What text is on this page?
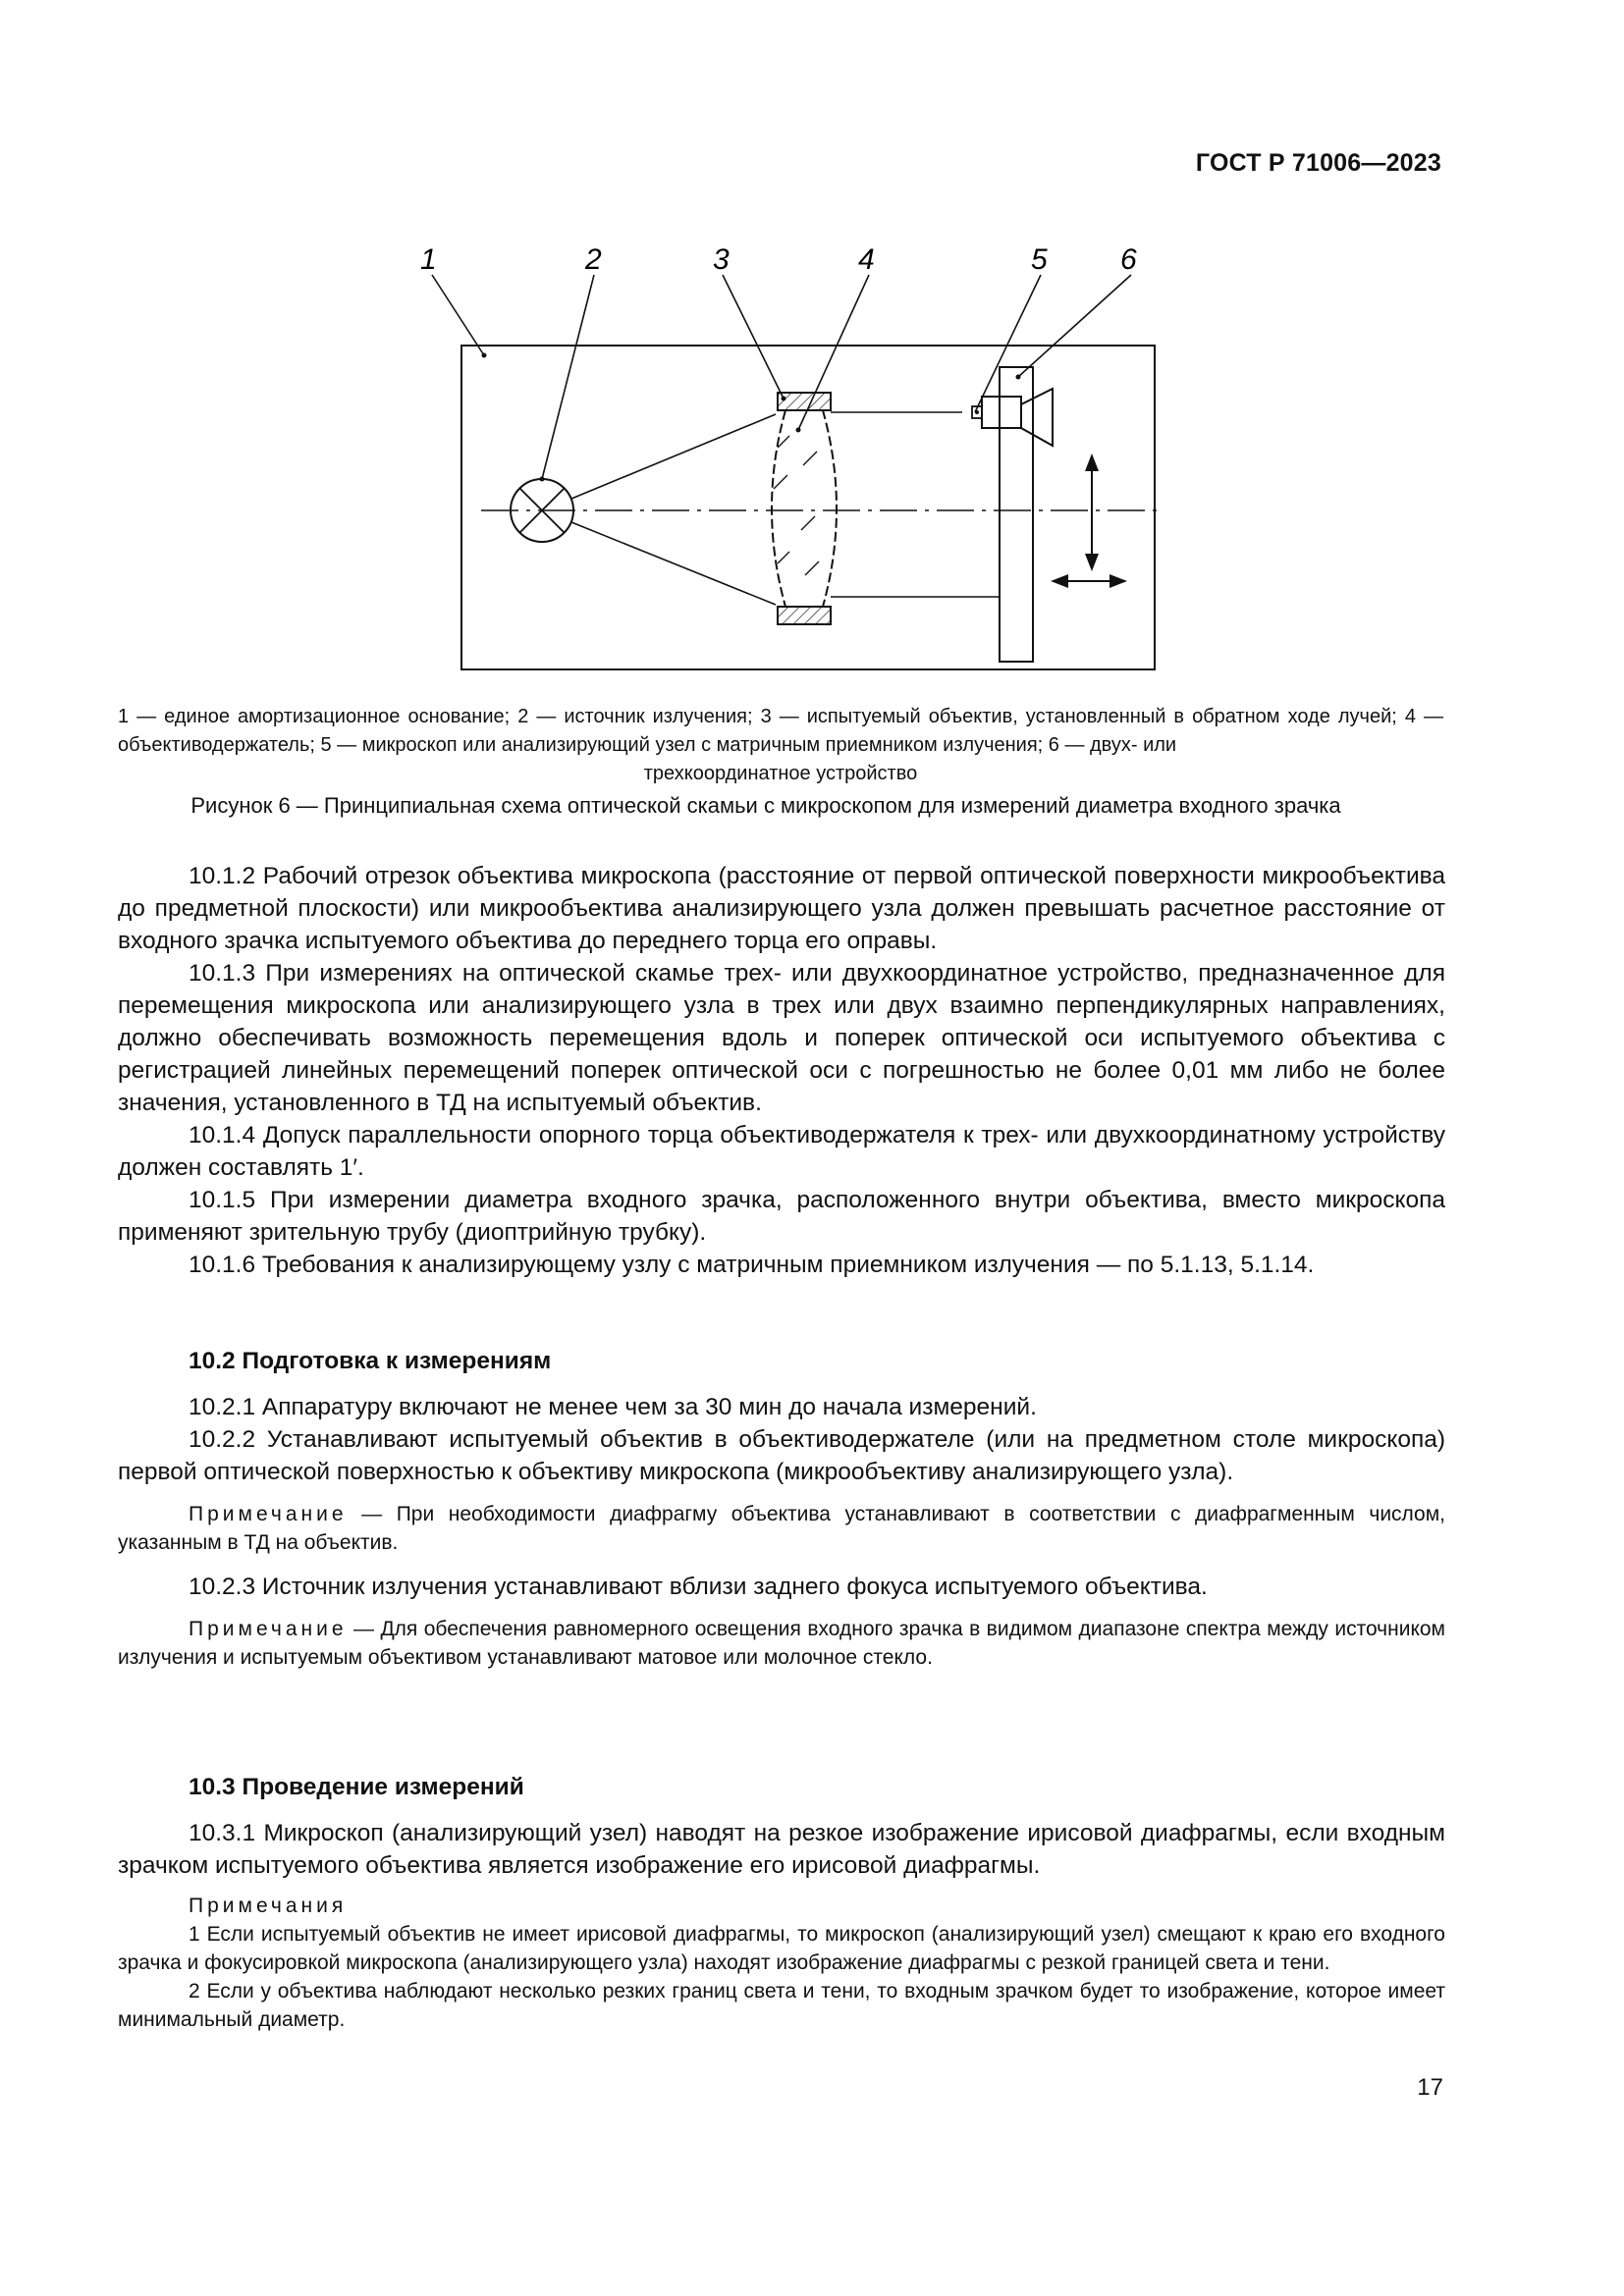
ГОСТ Р 71006—2023
1	2	3	4	5 6
1 — единое амортизационное основание; 2 — источник излучения; 3 — испытуемый объектив, установленный в обратном ходе лучей; 4 — объективодержатель; 5 — микроскоп или анализирующий узел с матричным приемником излучения; 6 — двух- или
трехкоординатное устройство
Рисунок 6 — Принципиальная схема оптической скамьи с микроскопом для измерений диаметра входного зрачка

10.1.2 Рабочий отрезок объектива микроскопа (расстояние от первой оптической поверхности микрообъектива до предметной плоскости) или микрообъектива анализирующего узла должен превышать расчетное расстояние от входного зрачка испытуемого объектива до переднего торца его оправы.

10.1.3 При измерениях на оптической скамье трех- или двухкоординатное устройство, предназначенное для перемещения микроскопа или анализирующего узла в трех или двух взаимно перпендикулярных направлениях, должно обеспечивать возможность перемещения вдоль и поперек оптической оси испытуемого объектива с регистрацией линейных перемещений поперек оптической оси с погрешностью не более 0,01 мм либо не более значения, установленного в ТД на испытуемый объектив.

10.1.4 Допуск параллельности опорного торца объективодержателя к трех- или двухкоординатному устройству должен составлять 1′.

10.1.5 При измерении диаметра входного зрачка, расположенного внутри объектива, вместо микроскопа применяют зрительную трубу (диоптрийную трубку).

10.1.6 Требования к анализирующему узлу с матричным приемником излучения — по 5.1.13, 5.1.14.

10.2 Подготовка к измерениям

10.2.1 Аппаратуру включают не менее чем за 30 мин до начала измерений.

10.2.2 Устанавливают испытуемый объектив в объективодержателе (или на предметном столе микроскопа) первой оптической поверхностью к объективу микроскопа (микрообъективу анализирующего узла).

Примечание — При необходимости диафрагму объектива устанавливают в соответствии с диафрагменным числом, указанным в ТД на объектив.

10.2.3 Источник излучения устанавливают вблизи заднего фокуса испытуемого объектива.

Примечание — Для обеспечения равномерного освещения входного зрачка в видимом диапазоне спектра между источником излучения и испытуемым объективом устанавливают матовое или молочное стекло.

10.3 Проведение измерений

10.3.1 Микроскоп (анализирующий узел) наводят на резкое изображение ирисовой диафрагмы, если входным зрачком испытуемого объектива является изображение его ирисовой диафрагмы.

Примечания

1 Если испытуемый объектив не имеет ирисовой диафрагмы, то микроскоп (анализирующий узел) смещают к краю его входного зрачка и фокусировкой микроскопа (анализирующего узла) находят изображение диафрагмы с резкой границей света и тени.

2 Если у объектива наблюдают несколько резких границ света и тени, то входным зрачком будет то изображение, которое имеет минимальный диаметр.

17
